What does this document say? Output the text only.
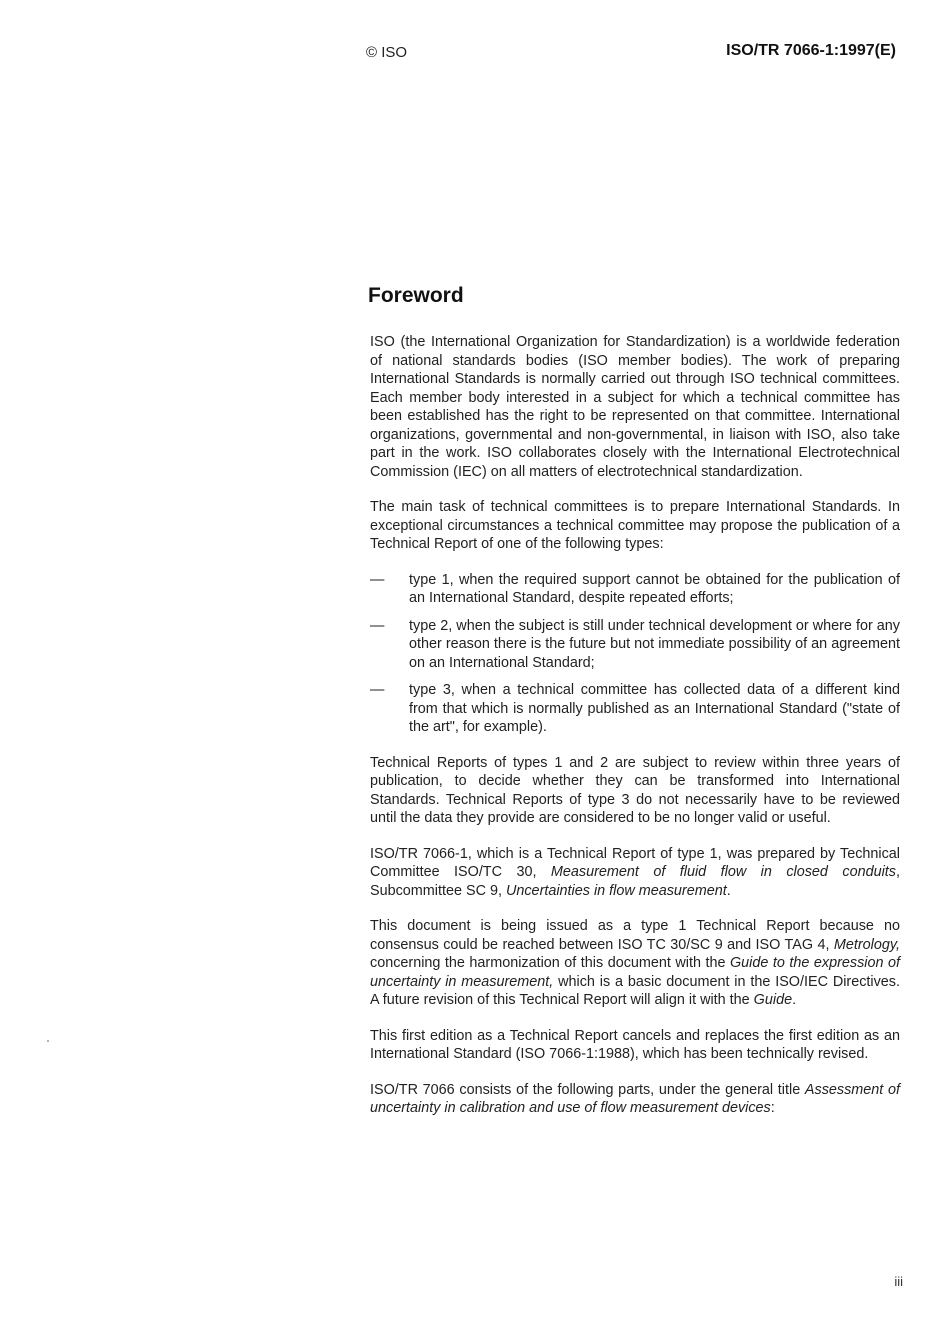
© ISO	ISO/TR 7066-1:1997(E)
Foreword

ISO (the International Organization for Standardization) is a worldwide federation of national standards bodies (ISO member bodies). The work of preparing International Standards is normally carried out through ISO technical committees. Each member body interested in a subject for which a technical committee has been established has the right to be represented on that committee. International organizations, governmental and non-governmental, in liaison with ISO, also take part in the work. ISO collaborates closely with the International Electrotechnical Commission (IEC) on all matters of electrotechnical standardization.

The main task of technical committees is to prepare International Standards. In exceptional circumstances a technical committee may propose the publication of a Technical Report of one of the following types:

— type 1, when the required support cannot be obtained for the publication of an International Standard, despite repeated efforts;
— type 2, when the subject is still under technical development or where for any other reason there is the future but not immediate possibility of an agreement on an International Standard;
— type 3, when a technical committee has collected data of a different kind from that which is normally published as an International Standard ("state of the art", for example).

Technical Reports of types 1 and 2 are subject to review within three years of publication, to decide whether they can be transformed into International Standards. Technical Reports of type 3 do not necessarily have to be reviewed until the data they provide are considered to be no longer valid or useful.

ISO/TR 7066-1, which is a Technical Report of type 1, was prepared by Technical Committee ISO/TC 30, Measurement of fluid flow in closed conduits, Subcommittee SC 9, Uncertainties in flow measurement.

This document is being issued as a type 1 Technical Report because no consensus could be reached between ISO TC 30/SC 9 and ISO TAG 4, Metrology, concerning the harmonization of this document with the Guide to the expression of uncertainty in measurement, which is a basic document in the ISO/IEC Directives. A future revision of this Technical Report will align it with the Guide.

This first edition as a Technical Report cancels and replaces the first edition as an International Standard (ISO 7066-1:1988), which has been technically revised.

ISO/TR 7066 consists of the following parts, under the general title Assessment of uncertainty in calibration and use of flow measurement devices:

iii
